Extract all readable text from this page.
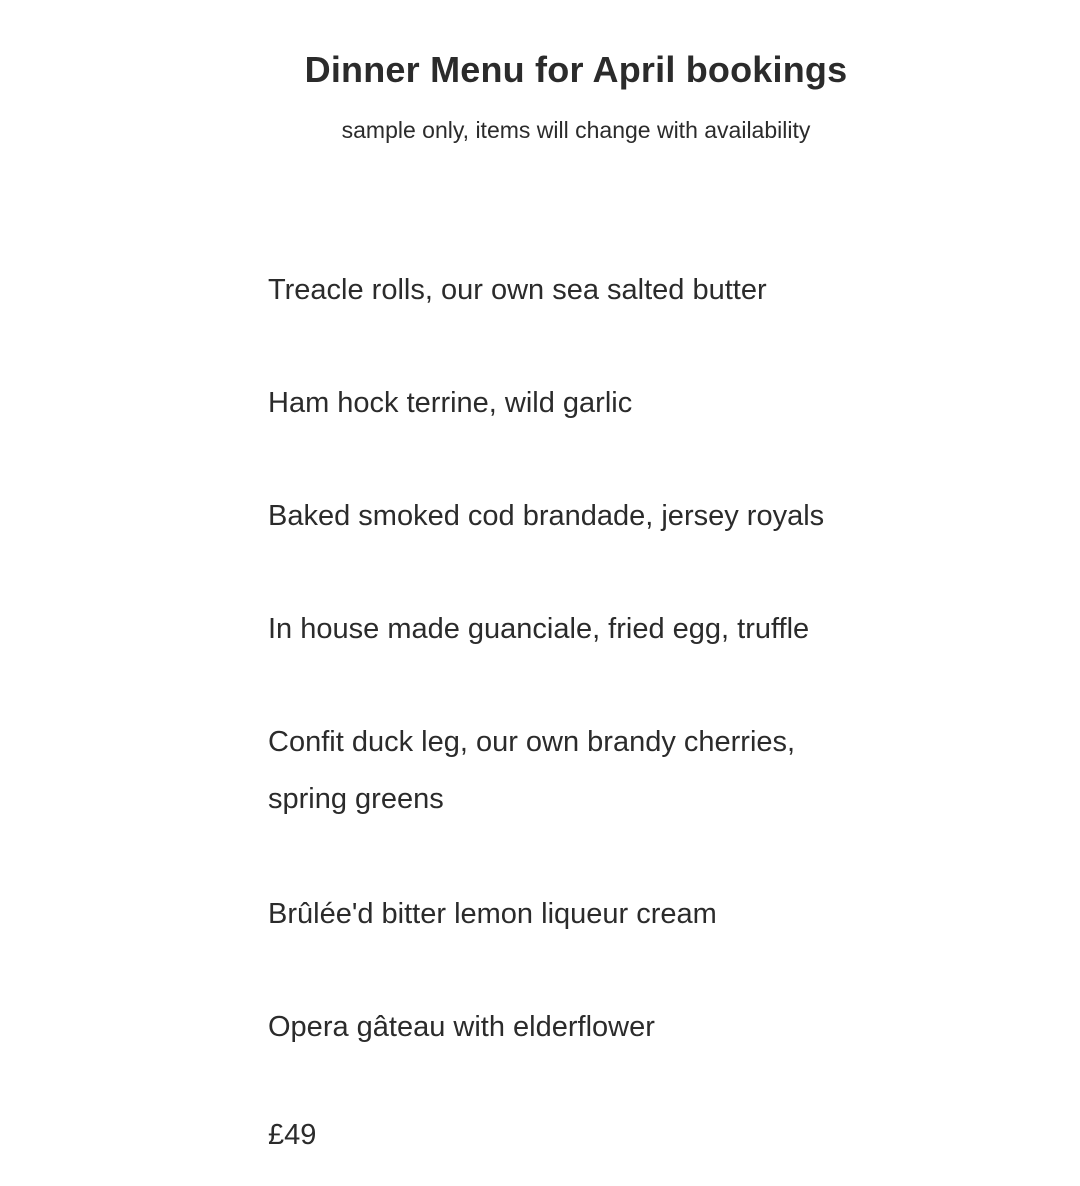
Dinner Menu for April bookings

sample only, items will change with availability

Treacle rolls, our own sea salted butter
Ham hock terrine, wild garlic
Baked smoked cod brandade, jersey royals
In house made guanciale, fried egg, truffle
Confit duck leg, our own brandy cherries, spring greens
Brûlée'd bitter lemon liqueur cream
Opera gâteau with elderflower

£49
